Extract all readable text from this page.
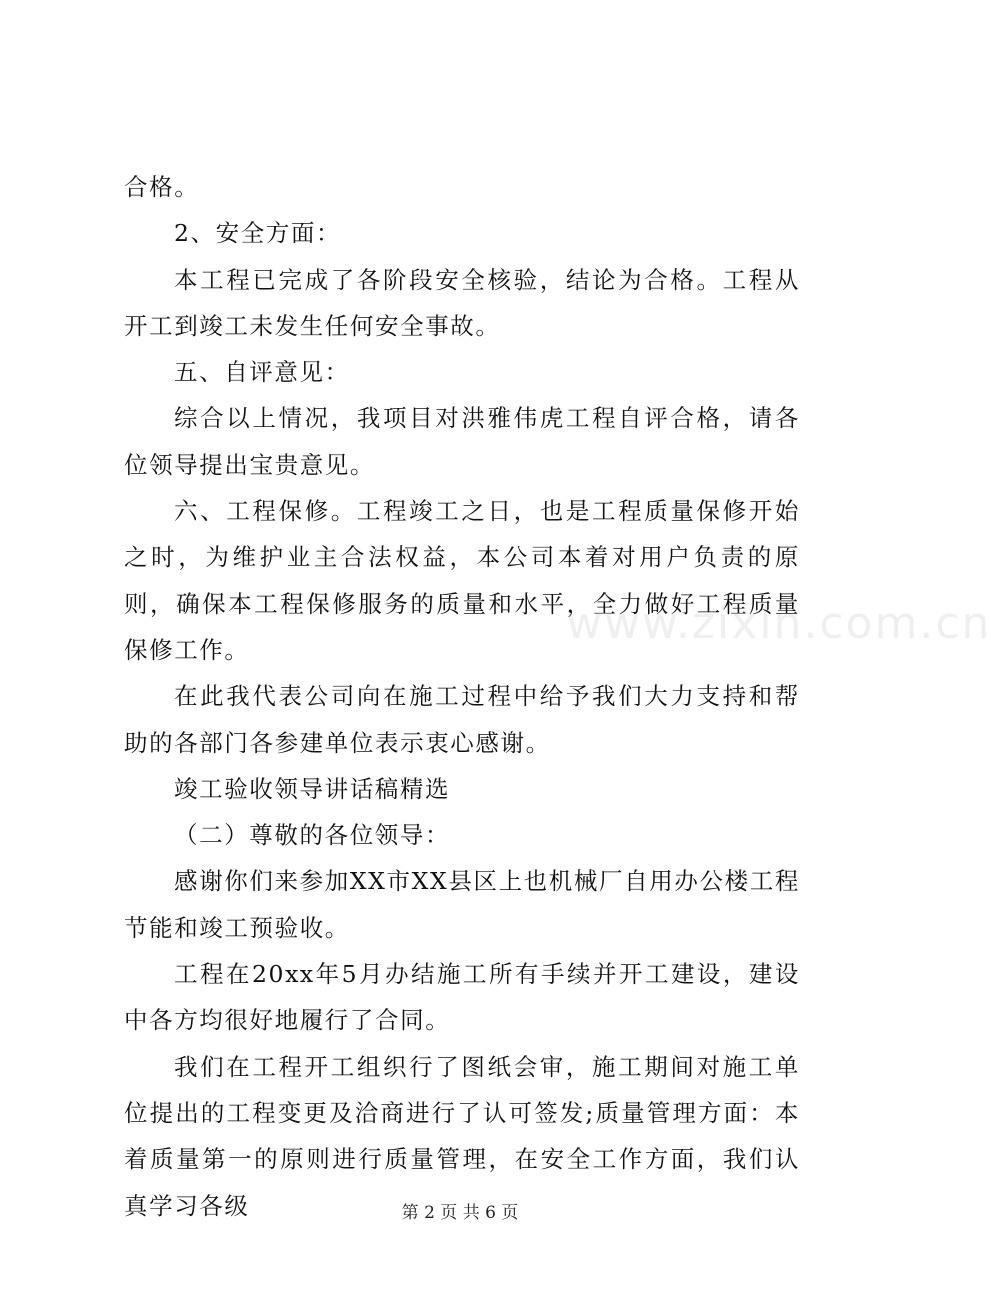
合格。

2、安全方面：

本工程已完成了各阶段安全核验，结论为合格。工程从开工到竣工未发生任何安全事故。

五、自评意见：

综合以上情况，我项目对洪雅伟虎工程自评合格，请各位领导提出宝贵意见。

六、工程保修。工程竣工之日，也是工程质量保修开始之时，为维护业主合法权益，本公司本着对用户负责的原则，确保本工程保修服务的质量和水平，全力做好工程质量保修工作。

在此我代表公司向在施工过程中给予我们大力支持和帮助的各部门各参建单位表示衷心感谢。

竣工验收领导讲话稿精选

（二）尊敬的各位领导：

感谢你们来参加XX市XX县区上也机械厂自用办公楼工程节能和竣工预验收。

工程在20xx年5月办结施工所有手续并开工建设，建设中各方均很好地履行了合同。

我们在工程开工组织行了图纸会审，施工期间对施工单位提出的工程变更及洽商进行了认可签发;质量管理方面：本着质量第一的原则进行质量管理，在安全工作方面，我们认真学习各级

www.zixin.com.cn
第 2 页 共 6 页
